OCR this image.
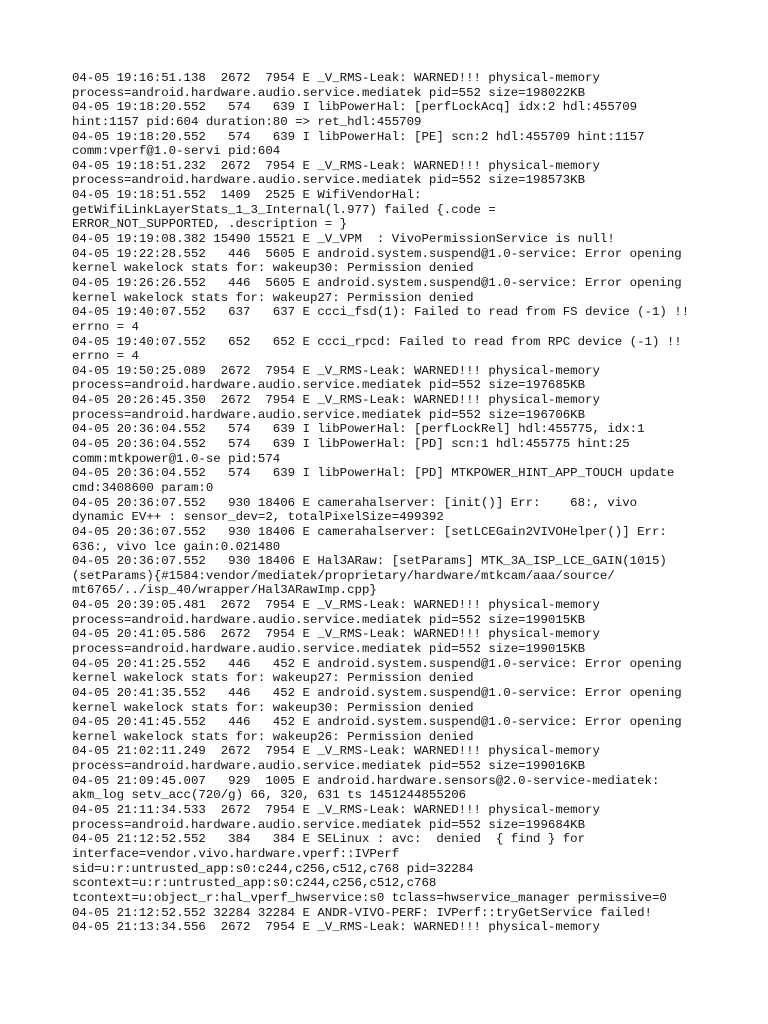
04-05 19:16:51.138  2672  7954 E _V_RMS-Leak: WARNED!!! physical-memory
process=android.hardware.audio.service.mediatek pid=552 size=198022KB
04-05 19:18:20.552   574   639 I libPowerHal: [perfLockAcq] idx:2 hdl:455709
hint:1157 pid:604 duration:80 => ret_hdl:455709
04-05 19:18:20.552   574   639 I libPowerHal: [PE] scn:2 hdl:455709 hint:1157
comm:vperf@1.0-servi pid:604
04-05 19:18:51.232  2672  7954 E _V_RMS-Leak: WARNED!!! physical-memory
process=android.hardware.audio.service.mediatek pid=552 size=198573KB
04-05 19:18:51.552  1409  2525 E WifiVendorHal:
getWifiLinkLayerStats_1_3_Internal(l.977) failed {.code =
ERROR_NOT_SUPPORTED, .description = }
04-05 19:19:08.382 15490 15521 E _V_VPM  : VivoPermissionService is null!
04-05 19:22:28.552   446  5605 E android.system.suspend@1.0-service: Error opening
kernel wakelock stats for: wakeup30: Permission denied
04-05 19:26:26.552   446  5605 E android.system.suspend@1.0-service: Error opening
kernel wakelock stats for: wakeup27: Permission denied
04-05 19:40:07.552   637   637 E ccci_fsd(1): Failed to read from FS device (-1) !!
errno = 4
04-05 19:40:07.552   652   652 E ccci_rpcd: Failed to read from RPC device (-1) !!
errno = 4
04-05 19:50:25.089  2672  7954 E _V_RMS-Leak: WARNED!!! physical-memory
process=android.hardware.audio.service.mediatek pid=552 size=197685KB
04-05 20:26:45.350  2672  7954 E _V_RMS-Leak: WARNED!!! physical-memory
process=android.hardware.audio.service.mediatek pid=552 size=196706KB
04-05 20:36:04.552   574   639 I libPowerHal: [perfLockRel] hdl:455775, idx:1
04-05 20:36:04.552   574   639 I libPowerHal: [PD] scn:1 hdl:455775 hint:25
comm:mtkpower@1.0-se pid:574
04-05 20:36:04.552   574   639 I libPowerHal: [PD] MTKPOWER_HINT_APP_TOUCH update
cmd:3408600 param:0
04-05 20:36:07.552   930 18406 E camerahalserver: [init()] Err:    68:, vivo
dynamic EV++ : sensor_dev=2, totalPixelSize=499392
04-05 20:36:07.552   930 18406 E camerahalserver: [setLCEGain2VIVOHelper()] Err:
636:, vivo lce gain:0.021480
04-05 20:36:07.552   930 18406 E Hal3ARaw: [setParams] MTK_3A_ISP_LCE_GAIN(1015)
(setParams){#1584:vendor/mediatek/proprietary/hardware/mtkcam/aaa/source/
mt6765/../isp_40/wrapper/Hal3ARawImp.cpp}
04-05 20:39:05.481  2672  7954 E _V_RMS-Leak: WARNED!!! physical-memory
process=android.hardware.audio.service.mediatek pid=552 size=199015KB
04-05 20:41:05.586  2672  7954 E _V_RMS-Leak: WARNED!!! physical-memory
process=android.hardware.audio.service.mediatek pid=552 size=199015KB
04-05 20:41:25.552   446   452 E android.system.suspend@1.0-service: Error opening
kernel wakelock stats for: wakeup27: Permission denied
04-05 20:41:35.552   446   452 E android.system.suspend@1.0-service: Error opening
kernel wakelock stats for: wakeup30: Permission denied
04-05 20:41:45.552   446   452 E android.system.suspend@1.0-service: Error opening
kernel wakelock stats for: wakeup26: Permission denied
04-05 21:02:11.249  2672  7954 E _V_RMS-Leak: WARNED!!! physical-memory
process=android.hardware.audio.service.mediatek pid=552 size=199016KB
04-05 21:09:45.007   929  1005 E android.hardware.sensors@2.0-service-mediatek:
akm_log setv_acc(720/g) 66, 320, 631 ts 1451244855206
04-05 21:11:34.533  2672  7954 E _V_RMS-Leak: WARNED!!! physical-memory
process=android.hardware.audio.service.mediatek pid=552 size=199684KB
04-05 21:12:52.552   384   384 E SELinux : avc:  denied  { find } for
interface=vendor.vivo.hardware.vperf::IVPerf
sid=u:r:untrusted_app:s0:c244,c256,c512,c768 pid=32284
scontext=u:r:untrusted_app:s0:c244,c256,c512,c768
tcontext=u:object_r:hal_vperf_hwservice:s0 tclass=hwservice_manager permissive=0
04-05 21:12:52.552 32284 32284 E ANDR-VIVO-PERF: IVPerf::tryGetService failed!
04-05 21:13:34.556  2672  7954 E _V_RMS-Leak: WARNED!!! physical-memory
